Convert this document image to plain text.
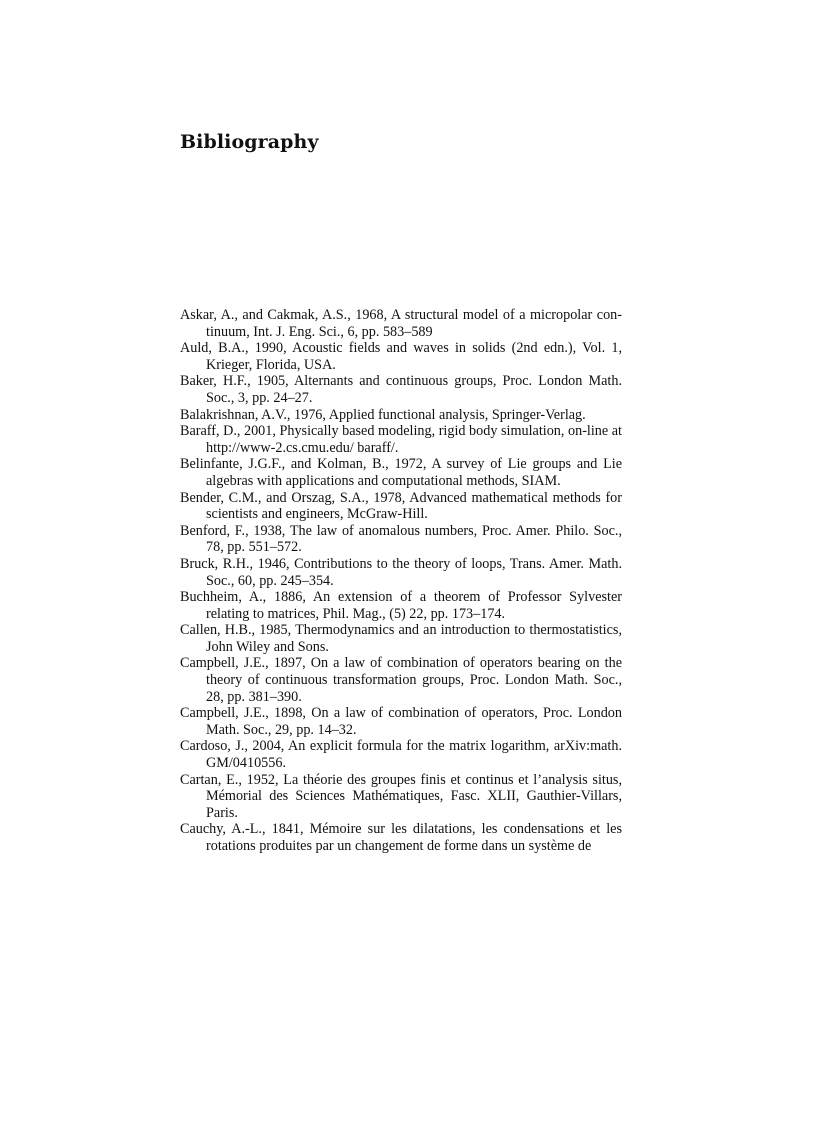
Bibliography
Askar, A., and Cakmak, A.S., 1968, A structural model of a micropolar continuum, Int. J. Eng. Sci., 6, pp. 583–589
Auld, B.A., 1990, Acoustic fields and waves in solids (2nd edn.), Vol. 1, Krieger, Florida, USA.
Baker, H.F., 1905, Alternants and continuous groups, Proc. London Math. Soc., 3, pp. 24–27.
Balakrishnan, A.V., 1976, Applied functional analysis, Springer-Verlag.
Baraff, D., 2001, Physically based modeling, rigid body simulation, on-line at http://www-2.cs.cmu.edu/ baraff/.
Belinfante, J.G.F., and Kolman, B., 1972, A survey of Lie groups and Lie algebras with applications and computational methods, SIAM.
Bender, C.M., and Orszag, S.A., 1978, Advanced mathematical methods for scientists and engineers, McGraw-Hill.
Benford, F., 1938, The law of anomalous numbers, Proc. Amer. Philo. Soc., 78, pp. 551–572.
Bruck, R.H., 1946, Contributions to the theory of loops, Trans. Amer. Math. Soc., 60, pp. 245–354.
Buchheim, A., 1886, An extension of a theorem of Professor Sylvester relating to matrices, Phil. Mag., (5) 22, pp. 173–174.
Callen, H.B., 1985, Thermodynamics and an introduction to thermostatistics, John Wiley and Sons.
Campbell, J.E., 1897, On a law of combination of operators bearing on the theory of continuous transformation groups, Proc. London Math. Soc., 28, pp. 381–390.
Campbell, J.E., 1898, On a law of combination of operators, Proc. London Math. Soc., 29, pp. 14–32.
Cardoso, J., 2004, An explicit formula for the matrix logarithm, arXiv:math. GM/0410556.
Cartan, E., 1952, La théorie des groupes finis et continus et l’analysis situs, Mémorial des Sciences Mathématiques, Fasc. XLII, Gauthier-Villars, Paris.
Cauchy, A.-L., 1841, Mémoire sur les dilatations, les condensations et les rotations produites par un changement de forme dans un système de
